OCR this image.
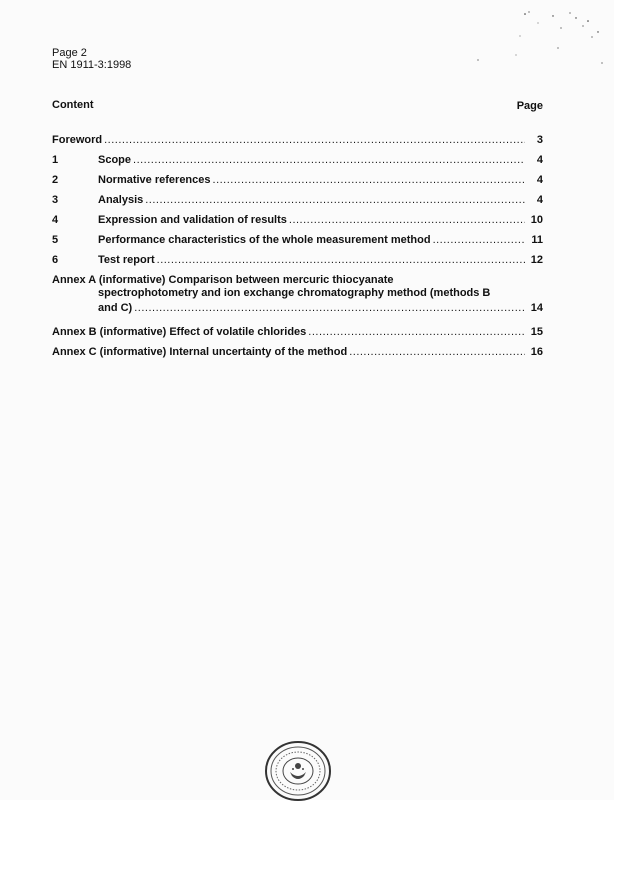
Page 2
EN 1911-3:1998
Content	Page
Foreword .....	3
1	Scope .....	4
2	Normative references .....	4
3	Analysis .....	4
4	Expression and validation of results .....	10
5	Performance characteristics of the whole measurement method .....	11
6	Test report .....	12
Annex A (informative) Comparison between mercuric thiocyanate
spectrophotometry and ion exchange chromatography method (methods B
and C) .....	14
Annex B (informative) Effect of volatile chlorides .....	15
Annex C (informative) Internal uncertainty of the method .....	16
